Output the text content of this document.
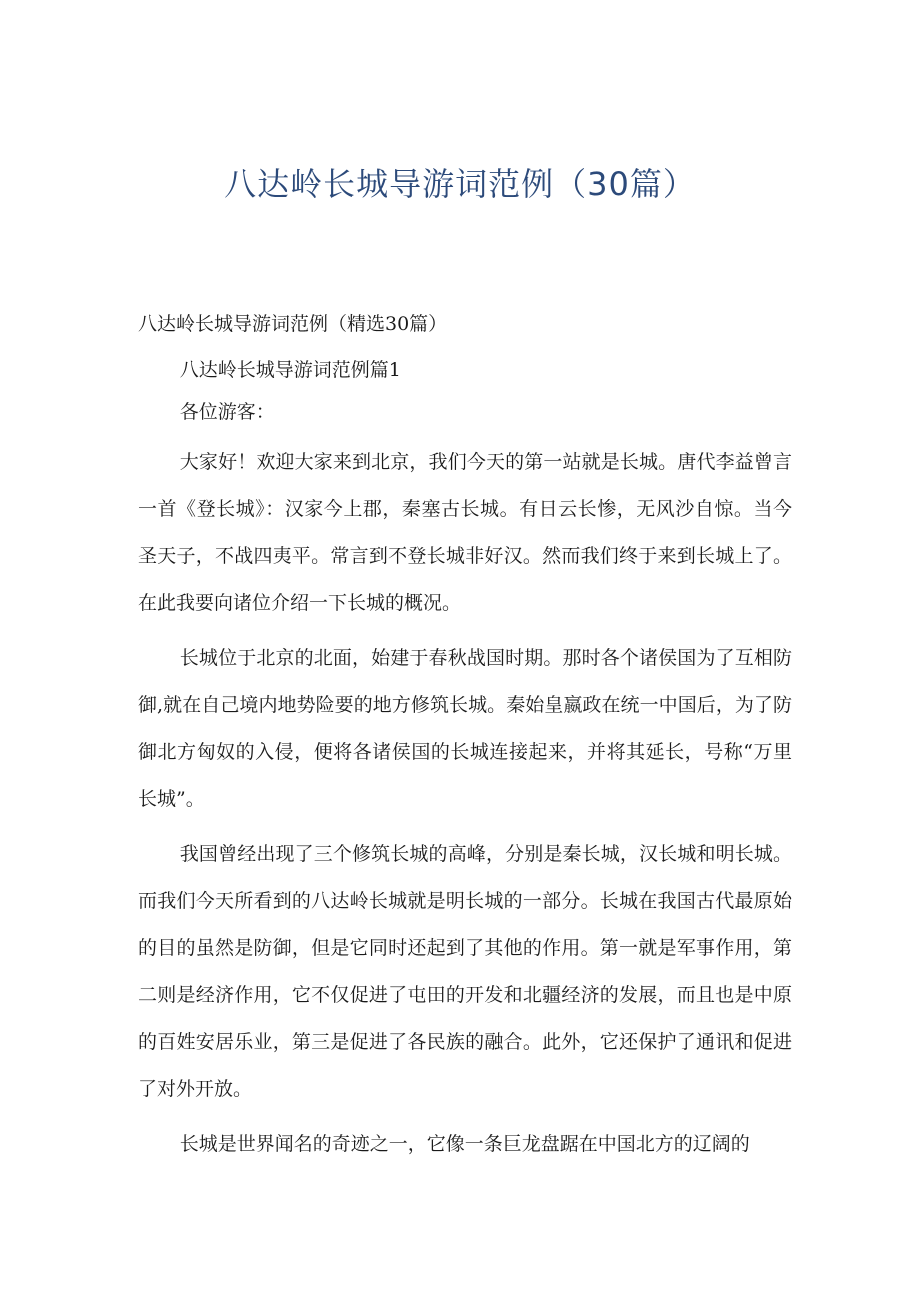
八达岭长城导游词范例（30篇）

八达岭长城导游词范例（精选30篇）

八达岭长城导游词范例篇1

各位游客：

大家好！欢迎大家来到北京，我们今天的第一站就是长城。唐代李益曾言一首《登长城》：汉家今上郡，秦塞古长城。有日云长惨，无风沙自惊。当今圣天子，不战四夷平。常言到不登长城非好汉。然而我们终于来到长城上了。在此我要向诸位介绍一下长城的概况。

长城位于北京的北面，始建于春秋战国时期。那时各个诸侯国为了互相防御,就在自己境内地势险要的地方修筑长城。秦始皇嬴政在统一中国后，为了防御北方匈奴的入侵，便将各诸侯国的长城连接起来，并将其延长，号称“万里长城”。

我国曾经出现了三个修筑长城的高峰，分别是秦长城，汉长城和明长城。而我们今天所看到的八达岭长城就是明长城的一部分。长城在我国古代最原始的目的虽然是防御，但是它同时还起到了其他的作用。第一就是军事作用，第二则是经济作用，它不仅促进了屯田的开发和北疆经济的发展，而且也是中原的百姓安居乐业，第三是促进了各民族的融合。此外，它还保护了通讯和促进了对外开放。

长城是世界闻名的奇迹之一，它像一条巨龙盘踞在中国北方的辽阔的
